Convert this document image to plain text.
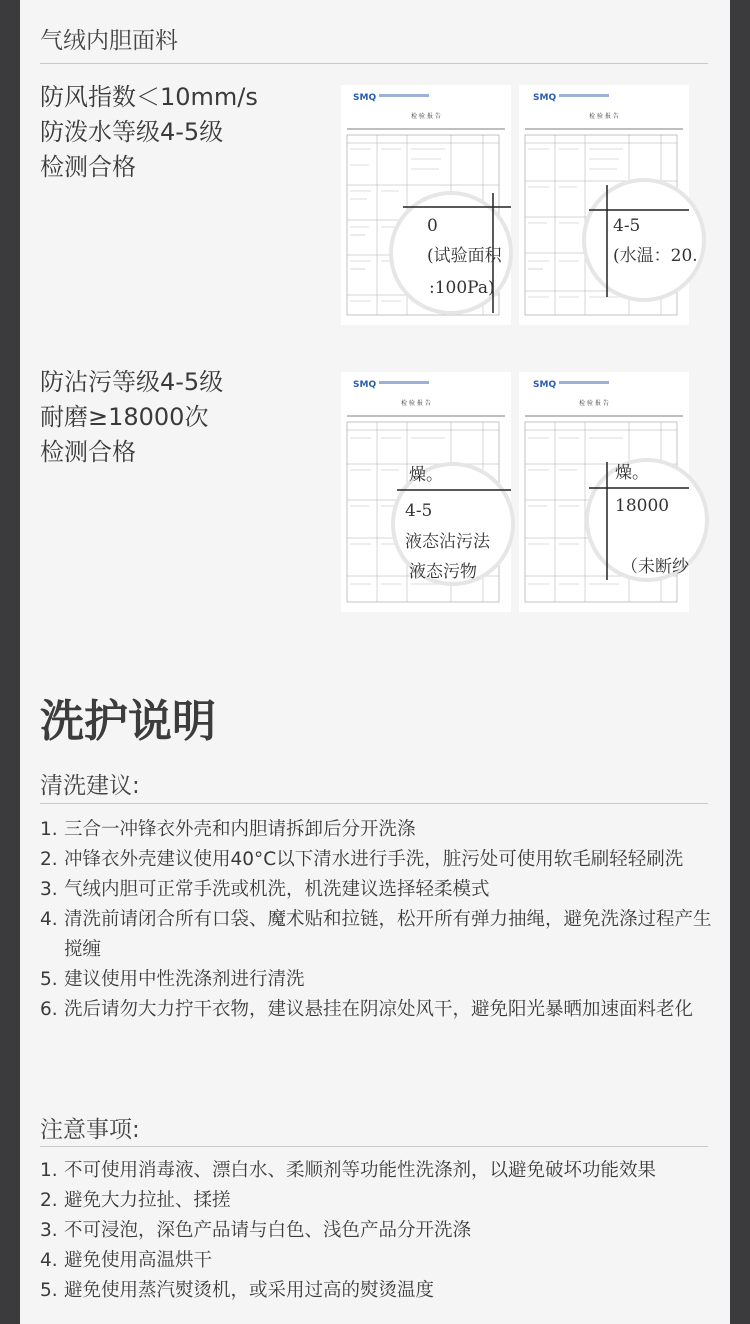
气绒内胆面料
防风指数＜10mm/s
防泼水等级4-5级
检测合格
防沾污等级4-5级
耐磨≥18000次
检测合格
SMQ
检 验 报 告
0
(试验面积
:100Pa)
SMQ
检 验 报 告
4-5
(水温：20.
SMQ
检 验 报 告
燥。
4-5
液态沾污法
液态污物
SMQ
检 验 报 告
燥。
18000
（未断纱
洗护说明
清洗建议:
1. 三合一冲锋衣外壳和内胆请拆卸后分开洗涤
2. 冲锋衣外壳建议使用40°C以下清水进行手洗，脏污处可使用软毛刷轻轻刷洗
3. 气绒内胆可正常手洗或机洗，机洗建议选择轻柔模式
4. 清洗前请闭合所有口袋、魔术贴和拉链，松开所有弹力抽绳，避免洗涤过程产生搅缠
5. 建议使用中性洗涤剂进行清洗
6. 洗后请勿大力拧干衣物，建议悬挂在阴凉处风干，避免阳光暴晒加速面料老化
注意事项:
1. 不可使用消毒液、漂白水、柔顺剂等功能性洗涤剂，以避免破坏功能效果
2. 避免大力拉扯、揉搓
3. 不可浸泡，深色产品请与白色、浅色产品分开洗涤
4. 避免使用高温烘干
5. 避免使用蒸汽熨烫机，或采用过高的熨烫温度
